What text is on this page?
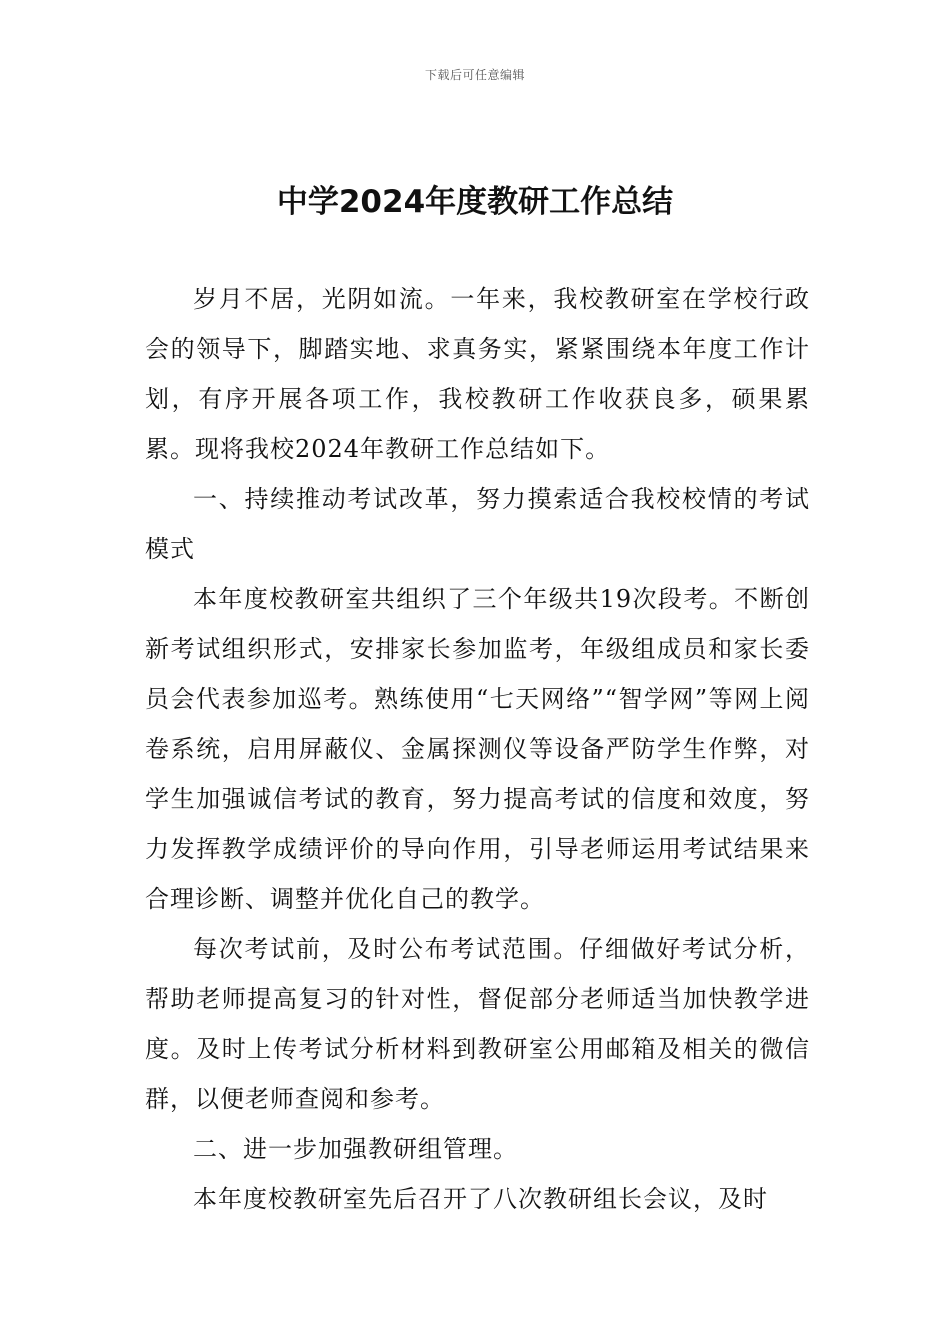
下载后可任意编辑
中学2024年度教研工作总结

岁月不居，光阴如流。一年来，我校教研室在学校行政会的领导下，脚踏实地、求真务实，紧紧围绕本年度工作计划，有序开展各项工作，我校教研工作收获良多，硕果累累。现将我校2024年教研工作总结如下。

一、持续推动考试改革，努力摸索适合我校校情的考试模式

本年度校教研室共组织了三个年级共19次段考。不断创新考试组织形式，安排家长参加监考，年级组成员和家长委员会代表参加巡考。熟练使用“七天网络”“智学网”等网上阅卷系统，启用屏蔽仪、金属探测仪等设备严防学生作弊，对学生加强诚信考试的教育，努力提高考试的信度和效度，努力发挥教学成绩评价的导向作用，引导老师运用考试结果来合理诊断、调整并优化自己的教学。

每次考试前，及时公布考试范围。仔细做好考试分析，帮助老师提高复习的针对性，督促部分老师适当加快教学进度。及时上传考试分析材料到教研室公用邮箱及相关的微信群，以便老师查阅和参考。

二、进一步加强教研组管理。

本年度校教研室先后召开了八次教研组长会议，及时
